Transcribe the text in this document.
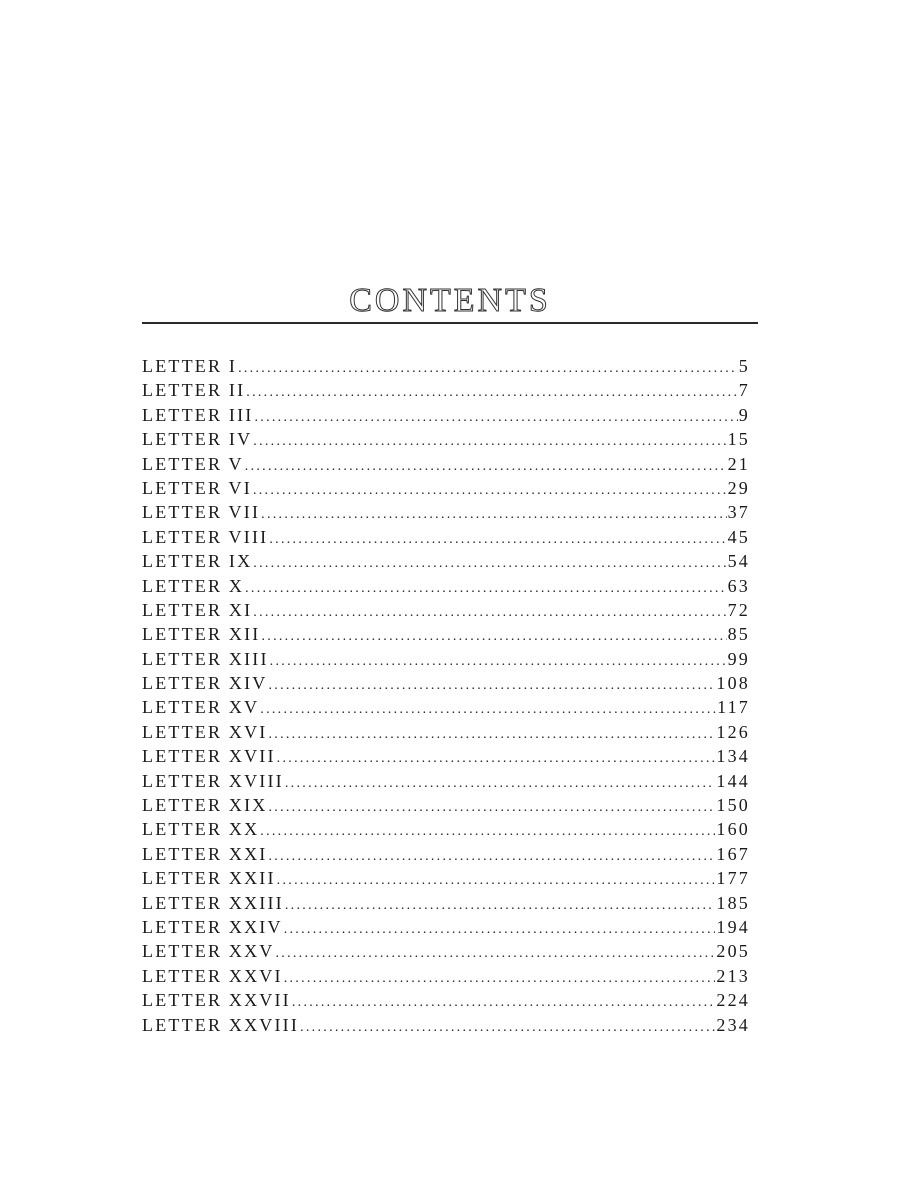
CONTENTS
LETTER I . . .	5
LETTER II . . .	7
LETTER III . . .	9
LETTER IV . . .	15
LETTER V . . .	21
LETTER VI . . .	29
LETTER VII . . .	37
LETTER VIII . . .	45
LETTER IX . . .	54
LETTER X . . .	63
LETTER XI . . .	72
LETTER XII . . .	85
LETTER XIII . . .	99
LETTER XIV . . .	108
LETTER XV . . .	117
LETTER XVI . . .	126
LETTER XVII . . .	134
LETTER XVIII . . .	144
LETTER XIX . . .	150
LETTER XX . . .	160
LETTER XXI . . .	167
LETTER XXII . . .	177
LETTER XXIII . . .	185
LETTER XXIV . . .	194
LETTER XXV . . .	205
LETTER XXVI . . .	213
LETTER XXVII . . .	224
LETTER XXVIII . . .	234
